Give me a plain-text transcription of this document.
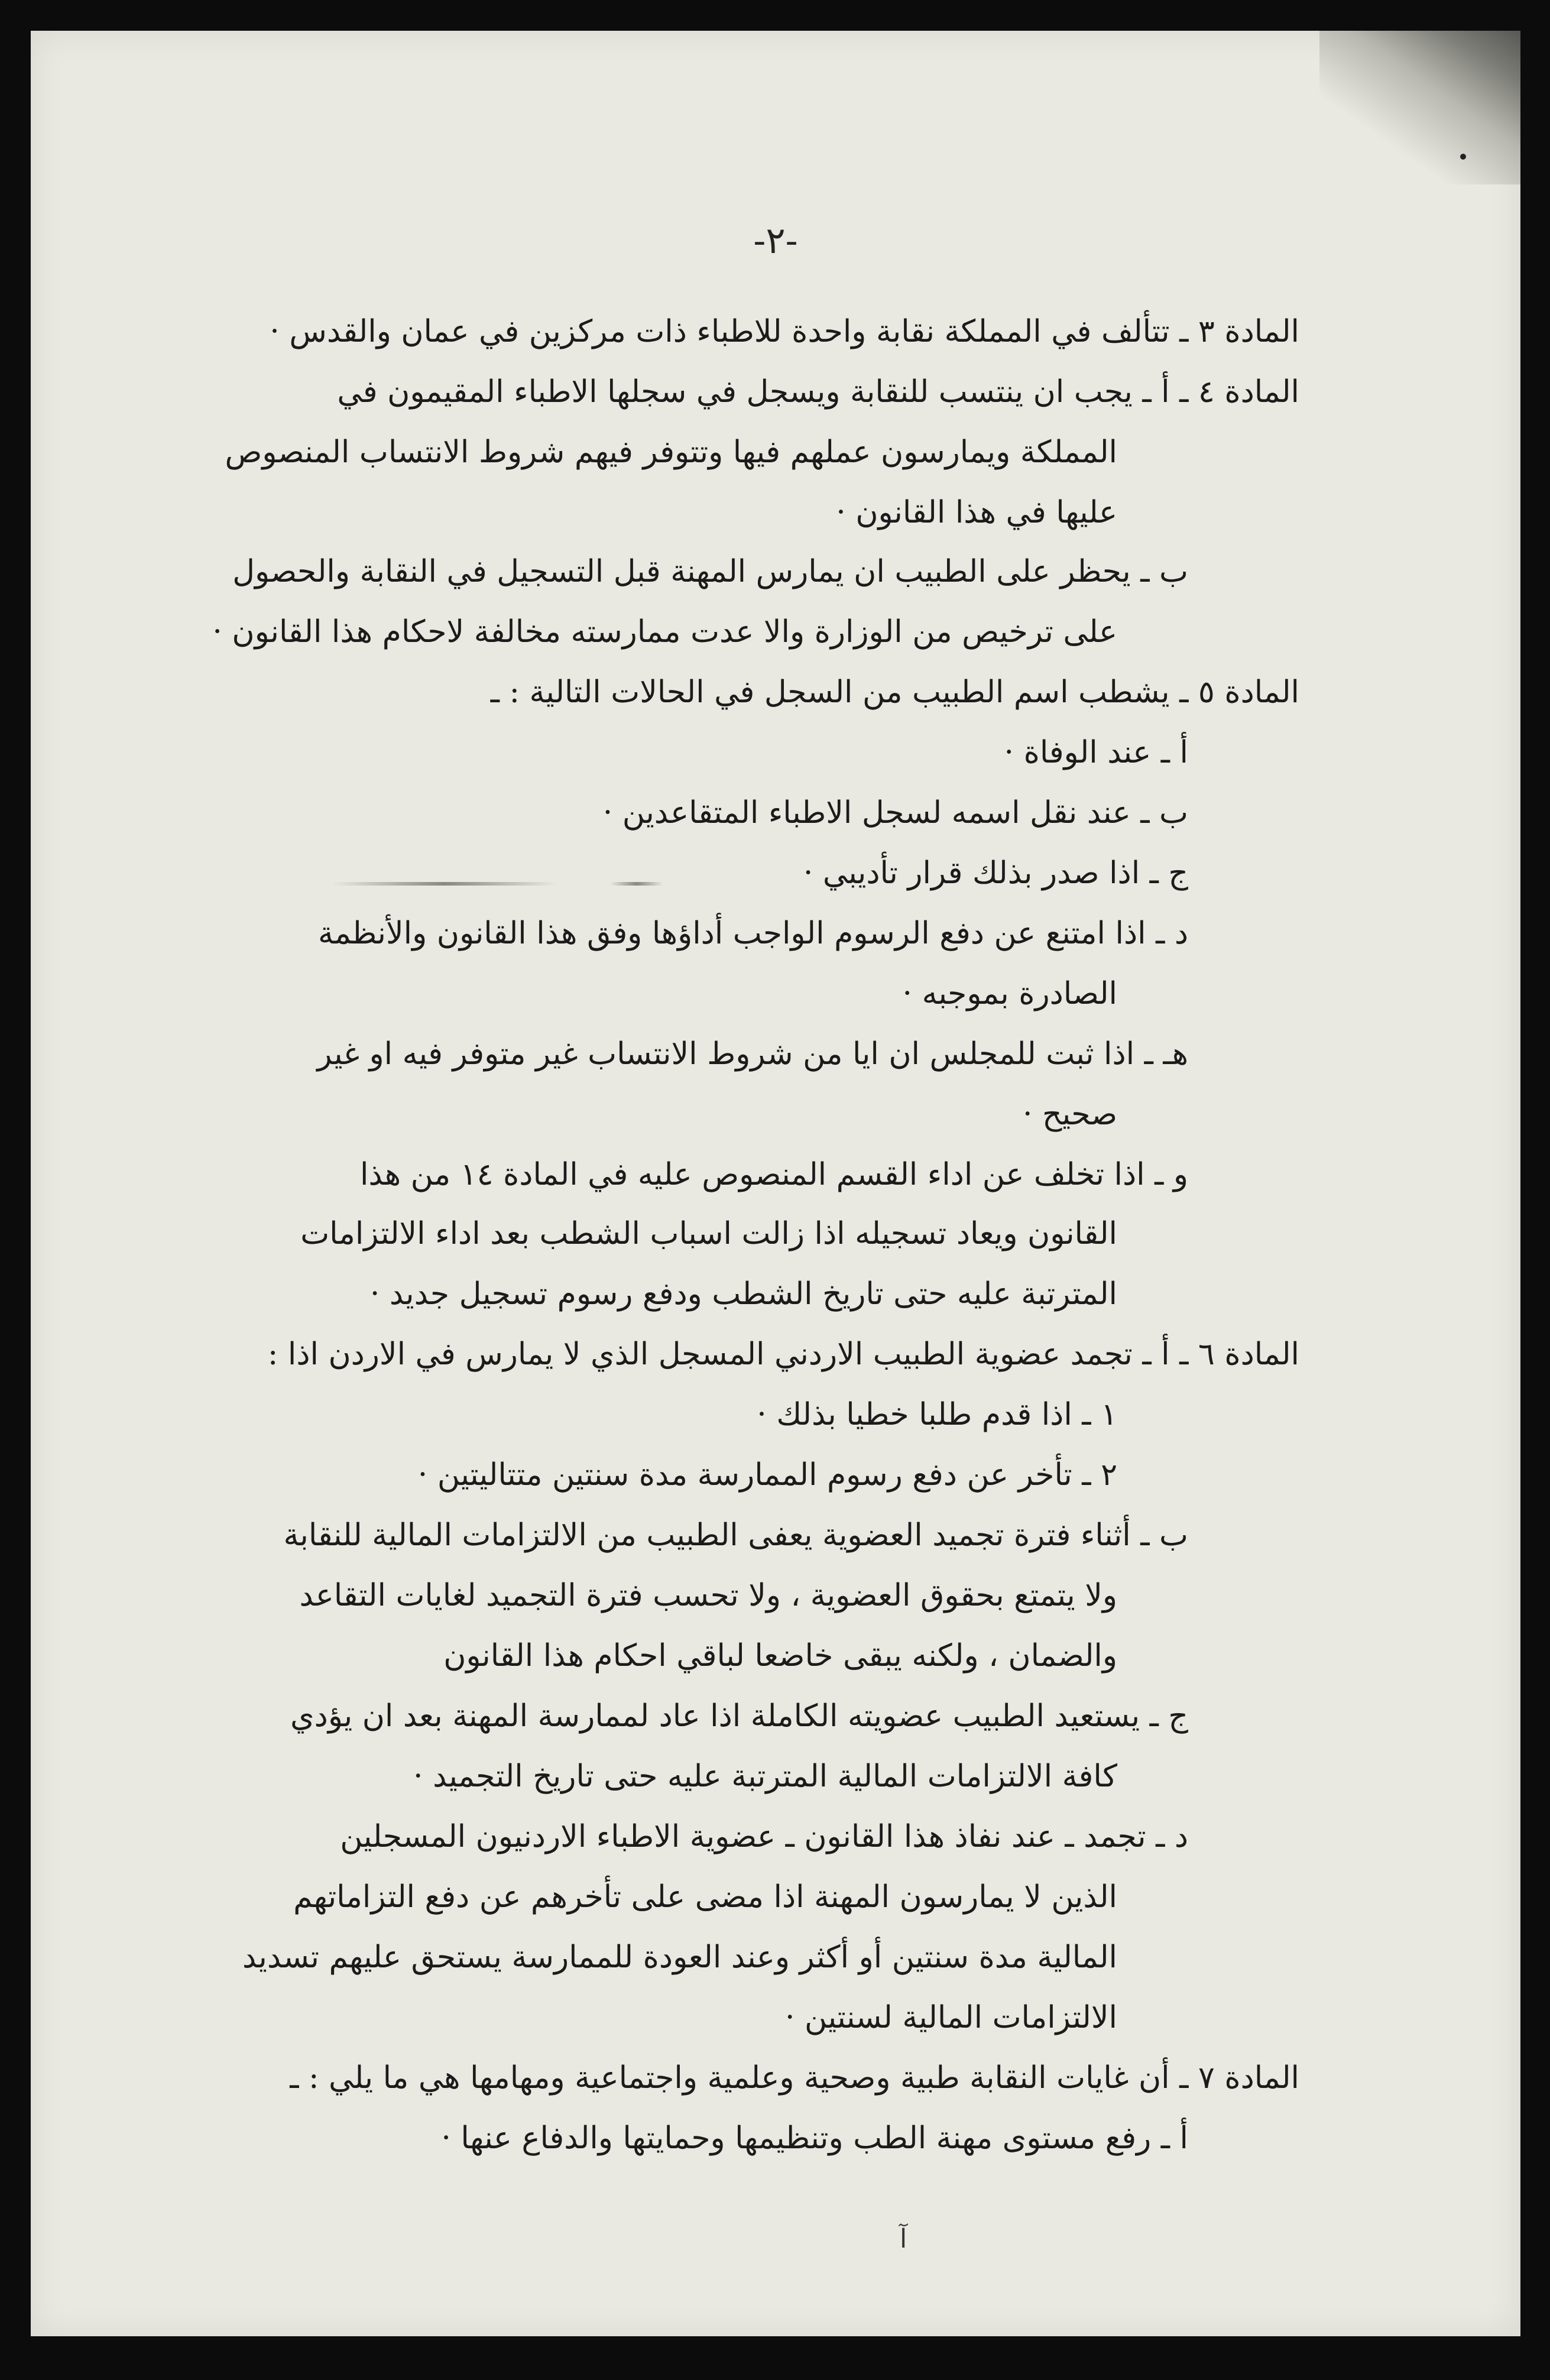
-٢-
المادة ٣ ـ تتألف في المملكة نقابة واحدة للاطباء ذات مركزين في عمان والقدس ·
المادة ٤ ـ أ ـ يجب ان ينتسب للنقابة ويسجل في سجلها الاطباء المقيمون في
المملكة ويمارسون عملهم فيها وتتوفر فيهم شروط الانتساب المنصوص
عليها في هذا القانون ·
ب ـ يحظر على الطبيب ان يمارس المهنة قبل التسجيل في النقابة والحصول
على ترخيص من الوزارة والا عدت ممارسته مخالفة لاحكام هذا القانون ·
المادة ٥ ـ يشطب اسم الطبيب من السجل في الحالات التالية : ـ
أ ـ عند الوفاة ·
ب ـ عند نقل اسمه لسجل الاطباء المتقاعدين ·
ج ـ اذا صدر بذلك قرار تأديبي ·
د ـ اذا امتنع عن دفع الرسوم الواجب أداؤها وفق هذا القانون والأنظمة
الصادرة بموجبه ·
هـ ـ اذا ثبت للمجلس ان ايا من شروط الانتساب غير متوفر فيه او غير
صحيح ·
و ـ اذا تخلف عن اداء القسم المنصوص عليه في المادة ١٤ من هذا
القانون ويعاد تسجيله اذا زالت اسباب الشطب بعد اداء الالتزامات
المترتبة عليه حتى تاريخ الشطب ودفع رسوم تسجيل جديد ·
المادة ٦ ـ أ ـ تجمد عضوية الطبيب الاردني المسجل الذي لا يمارس في الاردن اذا :
١ ـ اذا قدم طلبا خطيا بذلك ·
٢ ـ تأخر عن دفع رسوم الممارسة مدة سنتين متتاليتين ·
ب ـ أثناء فترة تجميد العضوية يعفى الطبيب من الالتزامات المالية للنقابة
ولا يتمتع بحقوق العضوية ، ولا تحسب فترة التجميد لغايات التقاعد
والضمان ، ولكنه يبقى خاضعا لباقي احكام هذا القانون
ج ـ يستعيد الطبيب عضويته الكاملة اذا عاد لممارسة المهنة بعد ان يؤدي
كافة الالتزامات المالية المترتبة عليه حتى تاريخ التجميد ·
د ـ تجمد ـ عند نفاذ هذا القانون ـ عضوية الاطباء الاردنيون المسجلين
الذين لا يمارسون المهنة اذا مضى على تأخرهم عن دفع التزاماتهم
المالية مدة سنتين أو أكثر وعند العودة للممارسة يستحق عليهم تسديد
الالتزامات المالية لسنتين ·
المادة ٧ ـ أن غايات النقابة طبية وصحية وعلمية واجتماعية ومهامها هي ما يلي : ـ
أ ـ رفع مستوى مهنة الطب وتنظيمها وحمايتها والدفاع عنها ·
آ
